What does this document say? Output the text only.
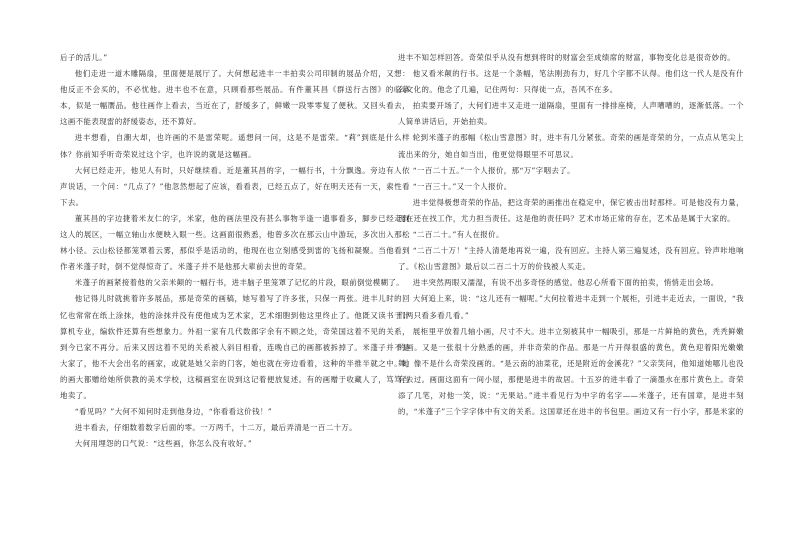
后子的活儿。”

他们走进一道木雕隔扇，里面便是展厅了。大何想起进丰一丰拍卖公司印制的展品介绍，又想：他反正不会买的，不必忧他。进丰也不在意，只顾看那些展品。有件董其昌《群送行古图》的临摹本，似是一幅赝品。他往画作上看去，当近在了，舒缓多了，鲜嫩一段零零复了便秋。又回头看去，这画不能表现雷的舒缓姿态，还不算好。

进丰想看，自潮大却，也许画的不是雷荣呢。遥想问一问，这是不是雷荣。“莉”到底是什么样体？你前知乎听奇荣说过这个字，也许说的就是这幅画。

大何已经走开，他见人有时，只好继续看。近是董其昌的字，一幅行书，十分飘逸。旁边有人依声说话，一个问：“几点了？”他忽然想起了应该，看看表，已经五点了，好在明天还有一天，索性看下去。

董其昌的字边捷着米友仁的字，米家，他的画法里没有甚么事物半逢一遗事看多，脚步已经走到这人的展区，一幅立轴山水便映入眼一些。这画面很熟悉，他曾多次在那云山中游玩，多次出入那松林小径。云山松径都笼罩着云雾，那似乎是活动的，他现在也立刻感受到雷的飞扬和凝聚。当他看到作者米蓬子时，倒不觉得惊奇了。米蓬子并不是他那大辈前去世的奇荣。

米蓬子的画紧接着他的父亲米颠的一幅行书，进丰脑子里笼罩了记忆的片段，眼前倒觉模糊了。

他记得儿时就挑着许多展品，那是奇荣的画稿，她写着写了许多张，只保一两张。进丰儿时的回忆也常常在纸上涂抹，他的涂抹并没有使他成为艺术家，艺术细胞到他这里终止了。他既又读书于计算机专业，编软件还算有些想象力。外祖一家有几代数郎字余有不顾之处，奇荣国这着不见的关系，到今已家不再分。后来又因这着不见的关系被人斜目相看，连晚自己的画都被拆掉了。米蓬子并不是大家了，他不大会出名的画家，或就是她父亲的门客，她也就在旁边看着，这种的半推半就之中。她的画大都赠给她所供教的美术学校，这稿画室在说到这记着便放复述。有的画赠于收藏人了，笃笃当地卖了。

“看见吗？”大何不知何时走到他身边，“你看看这价钱！”

进丰看去，仔细数着数字后面的零。一万两千，十二万，最后弄清是一百二十万。

大何用埋怨的口气说：“这些画，你怎么没有收好。”

进丰不知怎样回答。奇荣似乎从没有想到将时的财富会至成绩席的财富，事物变化总是很奇妙的。

他又看米颠的行书。这是一个条幅，笔法刚劲有力，好几个字都不认得。他们这一代人是没有什么文化的。他念了几遍，记住两句：只得徒一点，吾风不在多。

拍卖要开场了，大何们进丰又走进一道隔扇，里面有一排排座椅，人声嘈嘈的，逐渐低落。一个人简单讲话后，开始拍卖。

轮到米蓬子的那幅《松山雪意图》时，进丰有几分紧张。奇荣的画是奇荣的分，一点点从笔尖上流出来的分，她自如当出，他更觉得眼里不可思议。

“一百二十五。”一个人报价，那“万”字咽去了。

“一百三十。”又一个人报价。

进丰觉得极想奇荣的作品，把这奇荣的画推出在稳定中，保它被击出时那样。可是他没有力量，现在还在找工作，尤力担当责任。这是他的责任吗？艺术市场正常的存在，艺术品是属于大家的。

“二百二十。”有人在报价。

“二百二十万！”主持人清楚地再说一遍，没有回应。主持人第三遍复述，没有回应。铃声咔地响了。《松山雪意图》最后以二百二十万的价钱被人买走。

进丰突然两眼又濡湿，有说不出多奇怪的感觉。他忍心所看下面的拍卖，悄悄走出会场。

大何追上来，说：“这儿还有一幅呢。”大何拉着进丰走到一个展柜，引进丰走近去，一面说，“我们两只看多看几看。”

展柜里平放着几轴小画，尺寸不大。进丰立刻被其中一幅吸引，那是一片鲜艳的黄色，秃秃鲜嫩的画。又是一张很十分熟悉的画，并非奇荣的作品。那是一片开得很盛的黄色，黄色迎着阳光嫩嫩舞，像不是什么奇荣没画的。“是云南的油菜花，还是附近的金溪花？”父亲笑问，他知道她哪儿也没有去过。画面这面有一间小屋，那便是进丰的故居。十五岁的进丰看了一滴墨水在那片黄色上。奇荣添了几笔，对他一笑，说：“无果站。”进丰看见行为中字的名字——米蓬子，还有国章，是进丰刻的，“米蓬子”三个字字体中有文的关系。这国章还在进丰的书包里。画边又有一行小字，那是米家的
